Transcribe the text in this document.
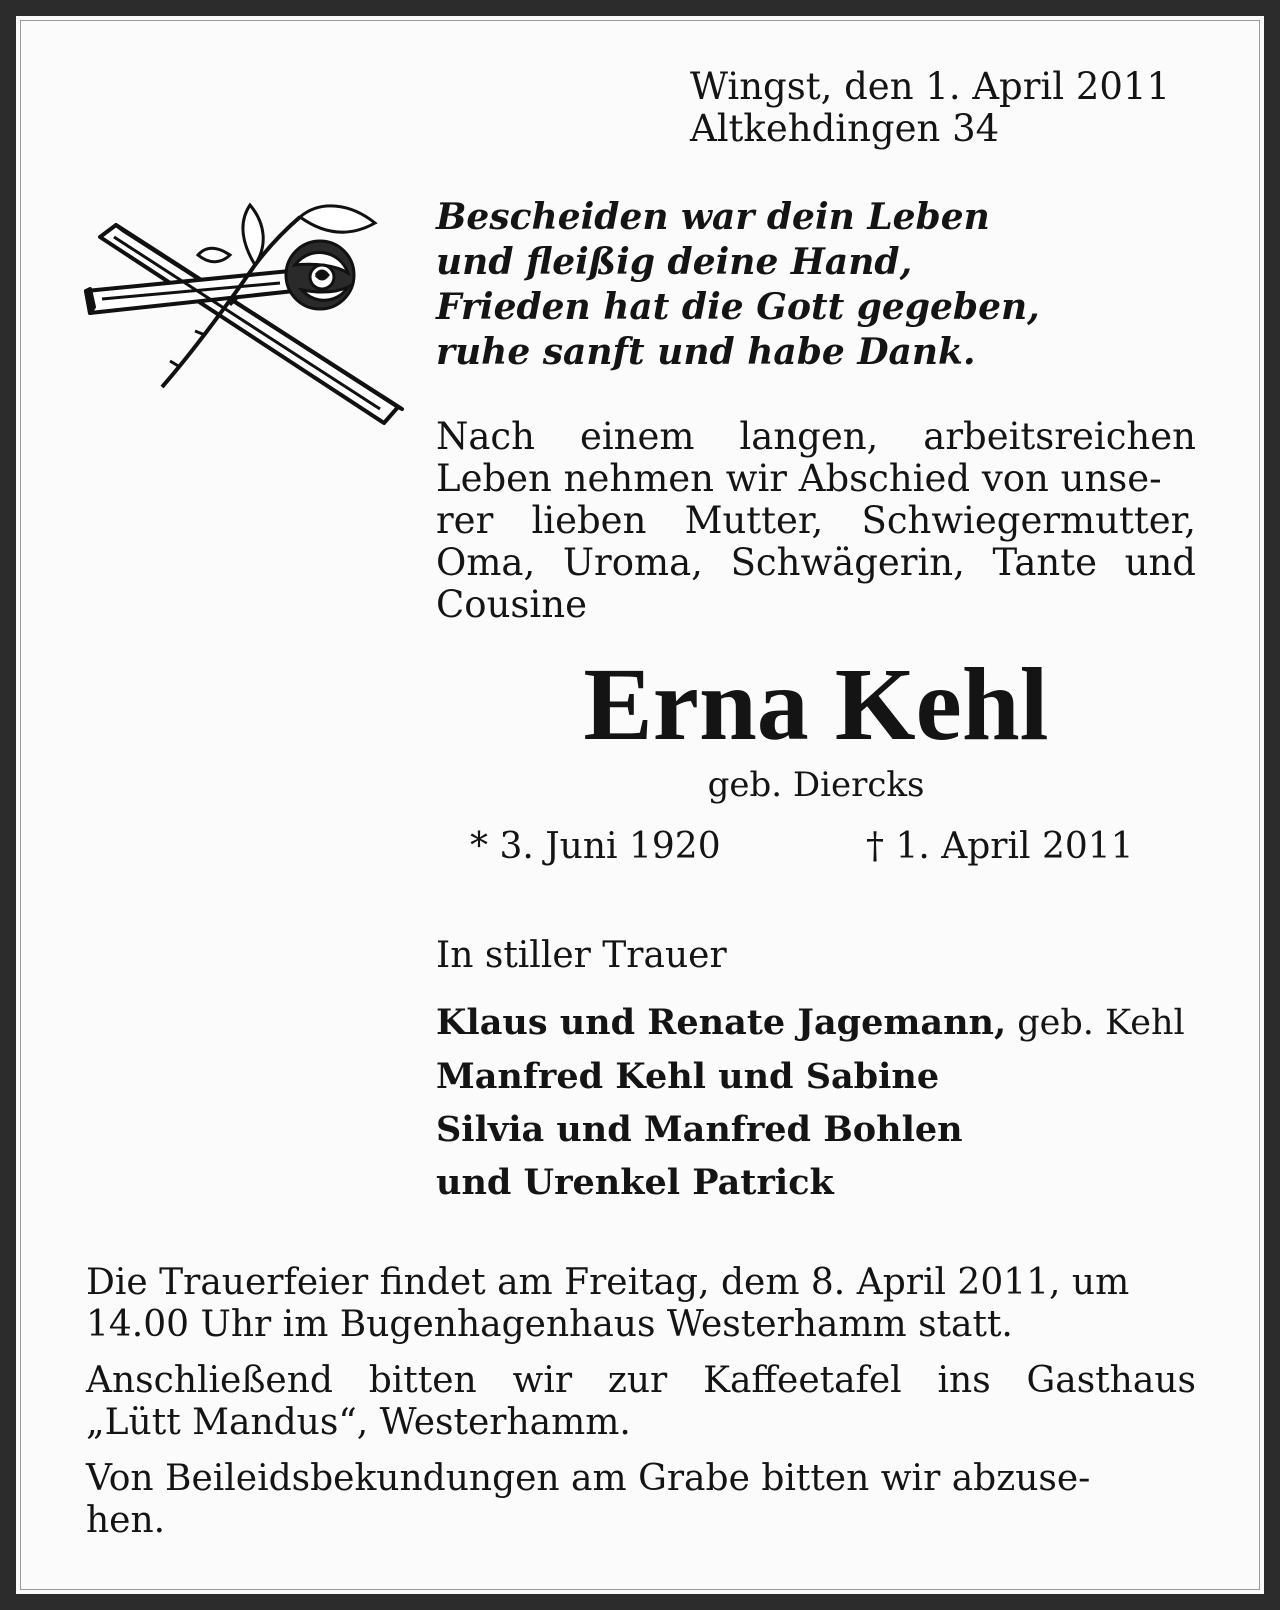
Wingst, den 1. April 2011
Altkehdingen 34
Bescheiden war dein Leben
und fleißig deine Hand,
Frieden hat die Gott gegeben,
ruhe sanft und habe Dank.
Nach einem langen, arbeitsreichen
Leben nehmen wir Abschied von unse-
rer lieben Mutter, Schwiegermutter,
Oma, Uroma, Schwägerin, Tante und
Cousine
Erna Kehl
geb. Diercks
* 3. Juni 1920	† 1. April 2011
In stiller Trauer
Klaus und Renate Jagemann, geb. Kehl
Manfred Kehl und Sabine
Silvia und Manfred Bohlen
und Urenkel Patrick
Die Trauerfeier findet am Freitag, dem 8. April 2011, um
14.00 Uhr im Bugenhagenhaus Westerhamm statt.
Anschließend bitten wir zur Kaffeetafel ins Gasthaus
„Lütt Mandus“, Westerhamm.
Von Beileidsbekundungen am Grabe bitten wir abzuse-
hen.
